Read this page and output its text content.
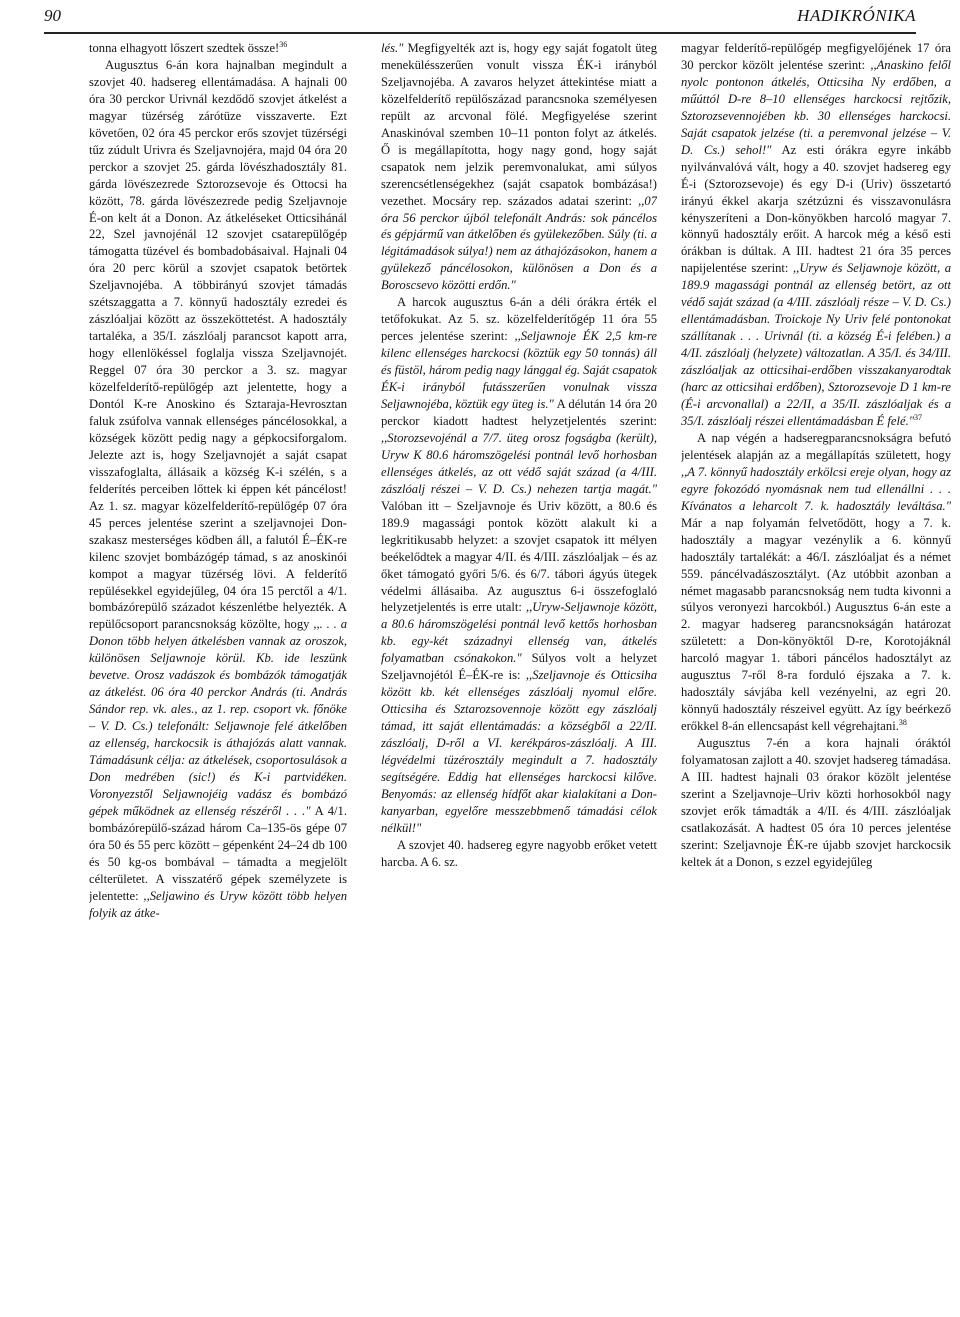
90	HADIKRÓNIKA

tonna elhagyott lőszert szedtek össze!$^{36}$

Augusztus 6-án kora hajnalban megindult a szovjet 40. hadsereg ellentámadása. A hajnali 00 óra 30 perckor Urivnál kezdődő szovjet átkelést a magyar tüzérség zárótüze visszaverte. Ezt követően, 02 óra 45 perckor erős szovjet tüzérségi tűz zúdult Urivra és Szeljavnojéra, majd 04 óra 20 perckor a szovjet 25. gárda lövészhadosztály 81. gárda lövészezrede Sztorozsevoje és Ottocsi ha között, 78. gárda lövészezrede pedig Szeljavnoje É-on kelt át a Donon. Az átkeléseket Otticsihánál 22, Szel javnojénál 12 szovjet csatarepülőgép támogatta tüzével és bombadobásaival. Hajnali 04 óra 20 perc körül a szovjet csapatok betörtek Szeljavnojéba. A többirányú szovjet támadás szétszaggatta a 7. könnyű hadosztály ezredei és zászlóaljai között az összeköttetést. A hadosztály tartaléka, a 35/I. zászlóalj parancsot kapott arra, hogy ellenlökéssel foglalja vissza Szeljavnojét. Reggel 07 óra 30 perckor a 3. sz. magyar közelfelderítő-repülőgép azt jelentette, hogy a Dontól K-re Anoskino és Sztaraja-Hevrosztan faluk zsúfolva vannak ellenséges páncélosokkal, a községek között pedig nagy a gépkocsiforgalom. Jelezte azt is, hogy Szeljavnojét a saját csapat visszafoglalta, állásaik a község K-i szélén, s a felderítés perceiben lőttek ki éppen két páncélost! Az 1. sz. magyar közelfelderítő-repülőgép 07 óra 45 perces jelentése szerint a szeljavnojei Don-szakasz mesterséges ködben áll, a falutól É–ÉK-re kilenc szovjet bombázógép támad, s az anoskinói kompot a magyar tüzérség lövi. A felderítő repülésekkel egyidejűleg, 04 óra 15 perctől a 4/1. bombázórepülő századot készenlétbe helyezték. A repülőcsoport parancsnokság közölte, hogy ,,. . . a Donon több helyen átkelésben vannak az oroszok, különösen Seljawnoje körül. Kb. ide leszünk bevetve. Orosz vadászok és bombázók támogatják az átkelést. 06 óra 40 perckor András (ti. András Sándor rep. vk. ales., az 1. rep. csoport vk. főnöke – V. D. Cs.) telefonált: Seljawnoje felé átkelőben az ellenség, harckocsik is áthajózás alatt vannak. Támadásunk célja: az átkelések, csoportosulások a Don medrében (sic!) és K-i partvidéken. Voronyezstől Seljawnojéig vadász és bombázó gépek működnek az ellenség részéről . . ." A 4/1. bombázórepülő-század három Ca–135-ös gépe 07 óra 50 és 55 perc között – gépenként 24–24 db 100 és 50 kg-os bombával – támadta a megjelölt célterületet. A visszatérő gépek személyzete is jelentette: ,,Seljawino és Uryw között több helyen folyik az átke-

lés." Megfigyelték azt is, hogy egy saját fogatolt üteg menekülésszerűen vonult vissza ÉK-i irányból Szeljavnojéba. A zavaros helyzet áttekintése miatt a közelfelderítő repülőszázad parancsnoka személyesen repült az arcvonal fölé. Megfigyelése szerint Anaskinóval szemben 10–11 ponton folyt az átkelés. Ő is megállapította, hogy nagy gond, hogy saját csapatok nem jelzik peremvonalukat, ami súlyos szerencsétlenségekhez (saját csapatok bombázása!) vezethet. Mocsáry rep. százados adatai szerint: ,,07 óra 56 perckor újból telefonált András: sok páncélos és gépjármű van átkelőben és gyülekezőben. Súly (ti. a légitámadások súlya!) nem az áthajózásokon, hanem a gyülekező páncélosokon, különösen a Don és a Boroscsevo közötti erdőn."

A harcok augusztus 6-án a déli órákra érték el tetőfokukat. Az 5. sz. közelfelderítőgép 11 óra 55 perces jelentése szerint: ,,Seljawnoje ÉK 2,5 km-re kilenc ellenséges harckocsi (köztük egy 50 tonnás) áll és füstöl, három pedig nagy lánggal ég. Saját csapatok ÉK-i irányból futásszerűen vonulnak vissza Seljawnojéba, köztük egy üteg is." A délután 14 óra 20 perckor kiadott hadtest helyzetjelentés szerint: ,,Storozsevojénál a 7/7. üteg orosz fogságba (került), Uryw K 80.6 háromszögelési pontnál levő horhosban ellenséges átkelés, az ott védő saját század (a 4/III. zászlóalj részei – V. D. Cs.) nehezen tartja magát." Valóban itt – Szeljavnoje és Uriv között, a 80.6 és 189.9 magassági pontok között alakult ki a legkritikusabb helyzet: a szovjet csapatok itt mélyen beékelődtek a magyar 4/II. és 4/III. zászlóaljak – és az őket támogató győri 5/6. és 6/7. tábori ágyús ütegek védelmi állásaiba. Az augusztus 6-i összefoglaló helyzetjelentés is erre utalt: ,,Uryw-Seljawnoje között, a 80.6 háromszögelési pontnál levő kettős horhosban kb. egy-két századnyi ellenség van, átkelés folyamatban csónakokon." Súlyos volt a helyzet Szeljavnojétól É–ÉK-re is: ,,Szeljavnoje és Otticsiha között kb. két ellenséges zászlóalj nyomul előre. Otticsiha és Sztarozsovennoje között egy zászlóalj támad, itt saját ellentámadás: a községből a 22/II. zászlóalj, D-ről a VI. kerékpáros-zászlóalj. A III. légvédelmi tüzérosztály megindult a 7. hadosztály segítségére. Eddig hat ellenséges harckocsi kilőve. Benyomás: az ellenség hídfőt akar kialakítani a Don-kanyarban, egyelőre messzebbmenő támadási célok nélkül!"

A szovjet 40. hadsereg egyre nagyobb erőket vetett harcba. A 6. sz.

magyar felderítő-repülőgép megfigyelőjének 17 óra 30 perckor közölt jelentése szerint: ,,Anaskino felől nyolc pontonon átkelés, Otticsiha Ny erdőben, a műúttól D-re 8–10 ellenséges harckocsi rejtőzik, Sztorozsevennojében kb. 30 ellenséges harckocsi. Saját csapatok jelzése (ti. a peremvonal jelzése – V. D. Cs.) sehol!" Az esti órákra egyre inkább nyilvánvalóvá vált, hogy a 40. szovjet hadsereg egy É-i (Sztorozsevoje) és egy D-i (Uriv) összetartó irányú ékkel akarja szétzúzni és visszavonulásra kényszeríteni a Don-könyökben harcoló magyar 7. könnyű hadosztály erőit. A harcok még a késő esti órákban is dúltak. A III. hadtest 21 óra 35 perces napijelentése szerint: ,,Uryw és Seljawnoje között, a 189.9 magassági pontnál az ellenség betört, az ott védő saját század (a 4/III. zászlóalj része – V. D. Cs.) ellentámadásban. Troickoje Ny Uriv felé pontonokat szállítanak . . . Urivnál (ti. a község É-i felében.) a 4/II. zászlóalj (helyzete) változatlan. A 35/I. és 34/III. zászlóaljak az otticsihai-erdőben visszakanyarodtak (harc az otticsihai erdőben), Sztorozsevoje D 1 km-re (É-i arcvonallal) a 22/II, a 35/II. zászlóaljak és a 35/I. zászlóalj részei ellentámadásban É felé."$^{37}$

A nap végén a hadseregparancsnokságra befutó jelentések alapján az a megállapítás született, hogy ,,A 7. könnyű hadosztály erkölcsi ereje olyan, hogy az egyre fokozódó nyomásnak nem tud ellenállni . . . Kívánatos a leharcolt 7. k. hadosztály leváltása." Már a nap folyamán felvetődött, hogy a 7. k. hadosztály a magyar vezénylik a 6. könnyű hadosztály tartalékát: a 46/I. zászlóaljat és a német 559. páncélvadászosztályt. (Az utóbbit azonban a német magasabb parancsnokság nem tudta kivonni a súlyos veronyezi harcokból.) Augusztus 6-án este a 2. magyar hadsereg parancsnokságán határozat született: a Don-könyöktől D-re, Korotojáknál harcoló magyar 1. tábori páncélos hadosztályt az augusztus 7-ről 8-ra forduló éjszaka a 7. k. hadosztály sávjába kell vezényelni, az egri 20. könnyű hadosztály részeivel együtt. Az így beérkező erőkkel 8-án ellencsapást kell végrehajtani.$^{38}$

Augusztus 7-én a kora hajnali óráktól folyamatosan zajlott a 40. szovjet hadsereg támadása. A III. hadtest hajnali 03 órakor közölt jelentése szerint a Szeljavnoje–Uriv közti horhosokból nagy szovjet erők támadták a 4/II. és 4/III. zászlóaljak csatlakozását. A hadtest 05 óra 10 perces jelentése szerint: Szeljavnoje ÉK-re újabb szovjet harckocsik keltek át a Donon, s ezzel egyidejűleg
